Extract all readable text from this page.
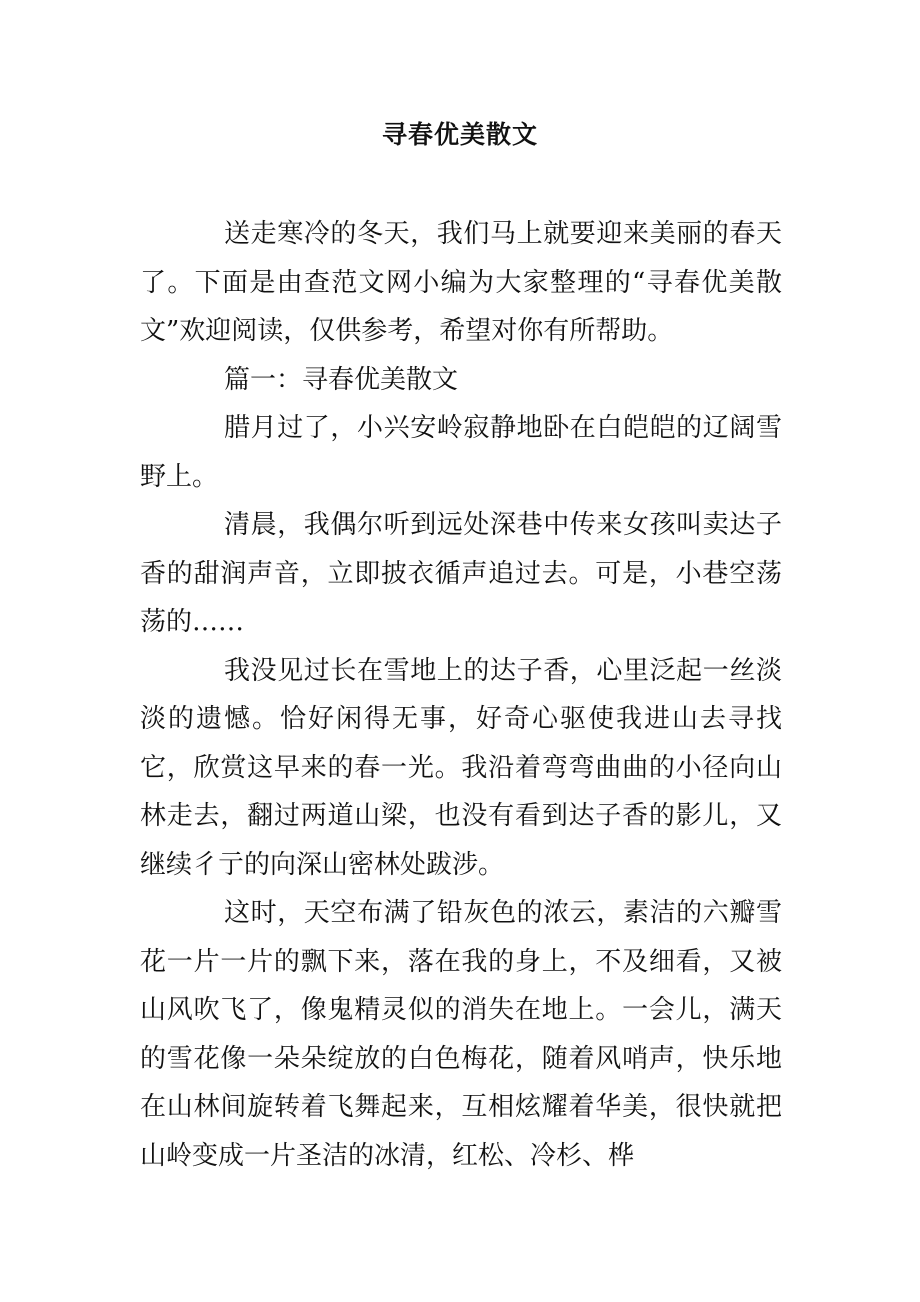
寻春优美散文

送走寒冷的冬天，我们马上就要迎来美丽的春天了。下面是由查范文网小编为大家整理的“寻春优美散文”欢迎阅读，仅供参考，希望对你有所帮助。

篇一：寻春优美散文

腊月过了，小兴安岭寂静地卧在白皑皑的辽阔雪野上。

清晨，我偶尔听到远处深巷中传来女孩叫卖达子香的甜润声音，立即披衣循声追过去。可是，小巷空荡荡的……

我没见过长在雪地上的达子香，心里泛起一丝淡淡的遗憾。恰好闲得无事，好奇心驱使我进山去寻找它，欣赏这早来的春一光。我沿着弯弯曲曲的小径向山林走去，翻过两道山梁，也没有看到达子香的影儿，又继续彳亍的向深山密林处跋涉。

这时，天空布满了铅灰色的浓云，素洁的六瓣雪花一片一片的飘下来，落在我的身上，不及细看，又被山风吹飞了，像鬼精灵似的消失在地上。一会儿，满天的雪花像一朵朵绽放的白色梅花，随着风哨声，快乐地在山林间旋转着飞舞起来，互相炫耀着华美，很快就把山岭变成一片圣洁的冰清，红松、冷杉、桦
